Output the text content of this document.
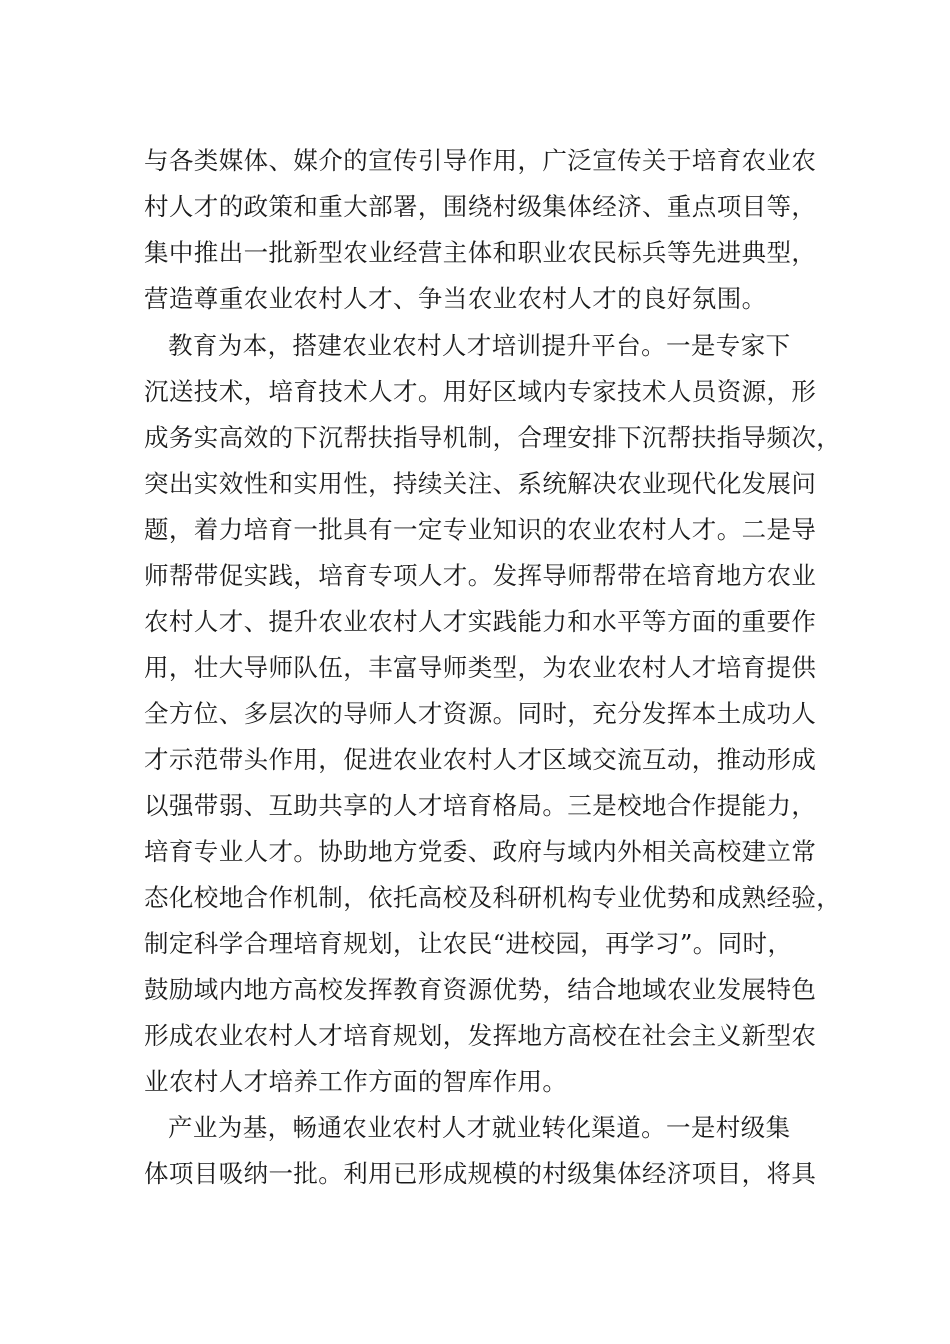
与各类媒体、媒介的宣传引导作用，广泛宣传关于培育农业农
村人才的政策和重大部署，围绕村级集体经济、重点项目等，
集中推出一批新型农业经营主体和职业农民标兵等先进典型，
营造尊重农业农村人才、争当农业农村人才的良好氛围。
教育为本，搭建农业农村人才培训提升平台。一是专家下
沉送技术，培育技术人才。用好区域内专家技术人员资源，形
成务实高效的下沉帮扶指导机制，合理安排下沉帮扶指导频次，
突出实效性和实用性，持续关注、系统解决农业现代化发展问
题，着力培育一批具有一定专业知识的农业农村人才。二是导
师帮带促实践，培育专项人才。发挥导师帮带在培育地方农业
农村人才、提升农业农村人才实践能力和水平等方面的重要作
用，壮大导师队伍，丰富导师类型，为农业农村人才培育提供
全方位、多层次的导师人才资源。同时，充分发挥本土成功人
才示范带头作用，促进农业农村人才区域交流互动，推动形成
以强带弱、互助共享的人才培育格局。三是校地合作提能力，
培育专业人才。协助地方党委、政府与域内外相关高校建立常
态化校地合作机制，依托高校及科研机构专业优势和成熟经验，
制定科学合理培育规划，让农民“进校园，再学习”。同时，
鼓励域内地方高校发挥教育资源优势，结合地域农业发展特色
形成农业农村人才培育规划，发挥地方高校在社会主义新型农
业农村人才培养工作方面的智库作用。
产业为基，畅通农业农村人才就业转化渠道。一是村级集
体项目吸纳一批。利用已形成规模的村级集体经济项目，将具
